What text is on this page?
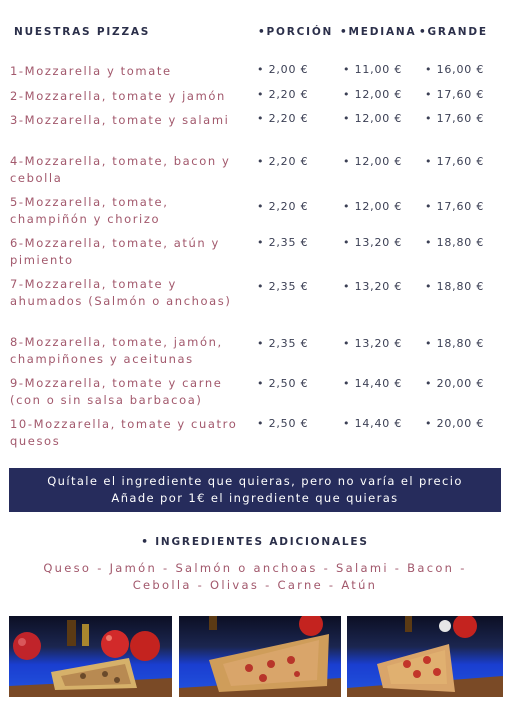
NUESTRAS PIZZAS	•PORCIÓN •MEDIANA •GRANDE
1-Mozzarella y tomate	• 2,00 €	• 11,00 € • 16,00 €
2-Mozzarella, tomate y jamón	• 2,20 €	• 12,00 € • 17,60 €
3-Mozzarella, tomate y salami	• 2,20 €	• 12,00 € • 17,60 €
4-Mozzarella, tomate, bacon y cebolla
• 2,20 €	• 12,00 € • 17,60 €
5-Mozzarella, tomate, champiñón y chorizo
• 2,20 €	• 12,00 € • 17,60 €
6-Mozzarella, tomate, atún y pimiento
• 2,35 €	• 13,20 € • 18,80 €
7-Mozzarella, tomate y ahumados (Salmón o anchoas)
• 2,35 €	• 13,20 € • 18,80 €
8-Mozzarella, tomate, jamón, champiñones y aceitunas
• 2,35 €	• 13,20 € • 18,80 €
9-Mozzarella, tomate y carne (con o sin salsa barbacoa)
• 2,50 €	• 14,40 € • 20,00 €
10-Mozzarella, tomate y cuatro quesos
• 2,50 €	• 14,40 € • 20,00 €
Quítale el ingrediente que quieras, pero no varía el precio
Añade por 1€ el ingrediente que quieras
• INGREDIENTES ADICIONALES
Queso - Jamón - Salmón o anchoas - Salami - Bacon -
Cebolla - Olivas - Carne - Atún
